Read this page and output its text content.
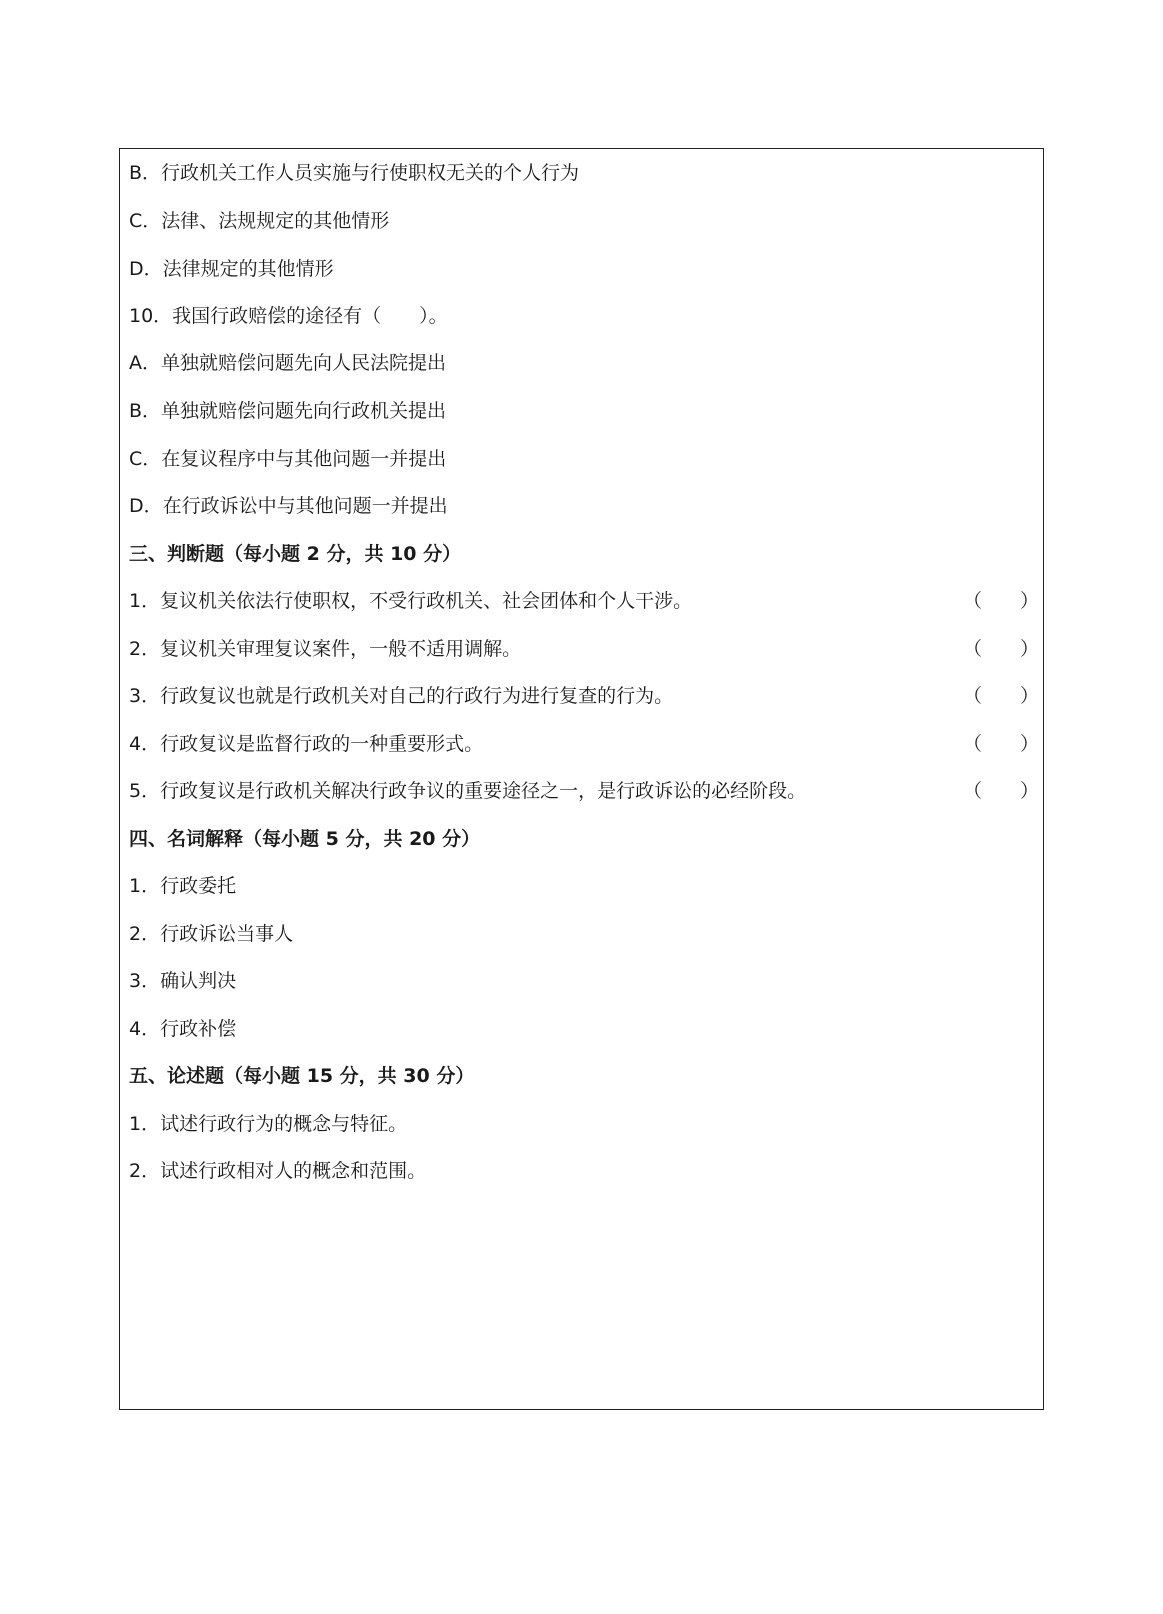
B．行政机关工作人员实施与行使职权无关的个人行为
C．法律、法规规定的其他情形
D．法律规定的其他情形
10．我国行政赔偿的途径有（　　）。
A．单独就赔偿问题先向人民法院提出
B．单独就赔偿问题先向行政机关提出
C．在复议程序中与其他问题一并提出
D．在行政诉讼中与其他问题一并提出
三、判断题（每小题 2 分，共 10 分）
1．复议机关依法行使职权，不受行政机关、社会团体和个人干涉。	（　　）
2．复议机关审理复议案件，一般不适用调解。	（　　）
3．行政复议也就是行政机关对自己的行政行为进行复查的行为。	（　　）
4．行政复议是监督行政的一种重要形式。	（　　）
5．行政复议是行政机关解决行政争议的重要途径之一，是行政诉讼的必经阶段。	（　　）
四、名词解释（每小题 5 分，共 20 分）
1．行政委托
2．行政诉讼当事人
3．确认判决
4．行政补偿
五、论述题（每小题 15 分，共 30 分）
1．试述行政行为的概念与特征。
2．试述行政相对人的概念和范围。
